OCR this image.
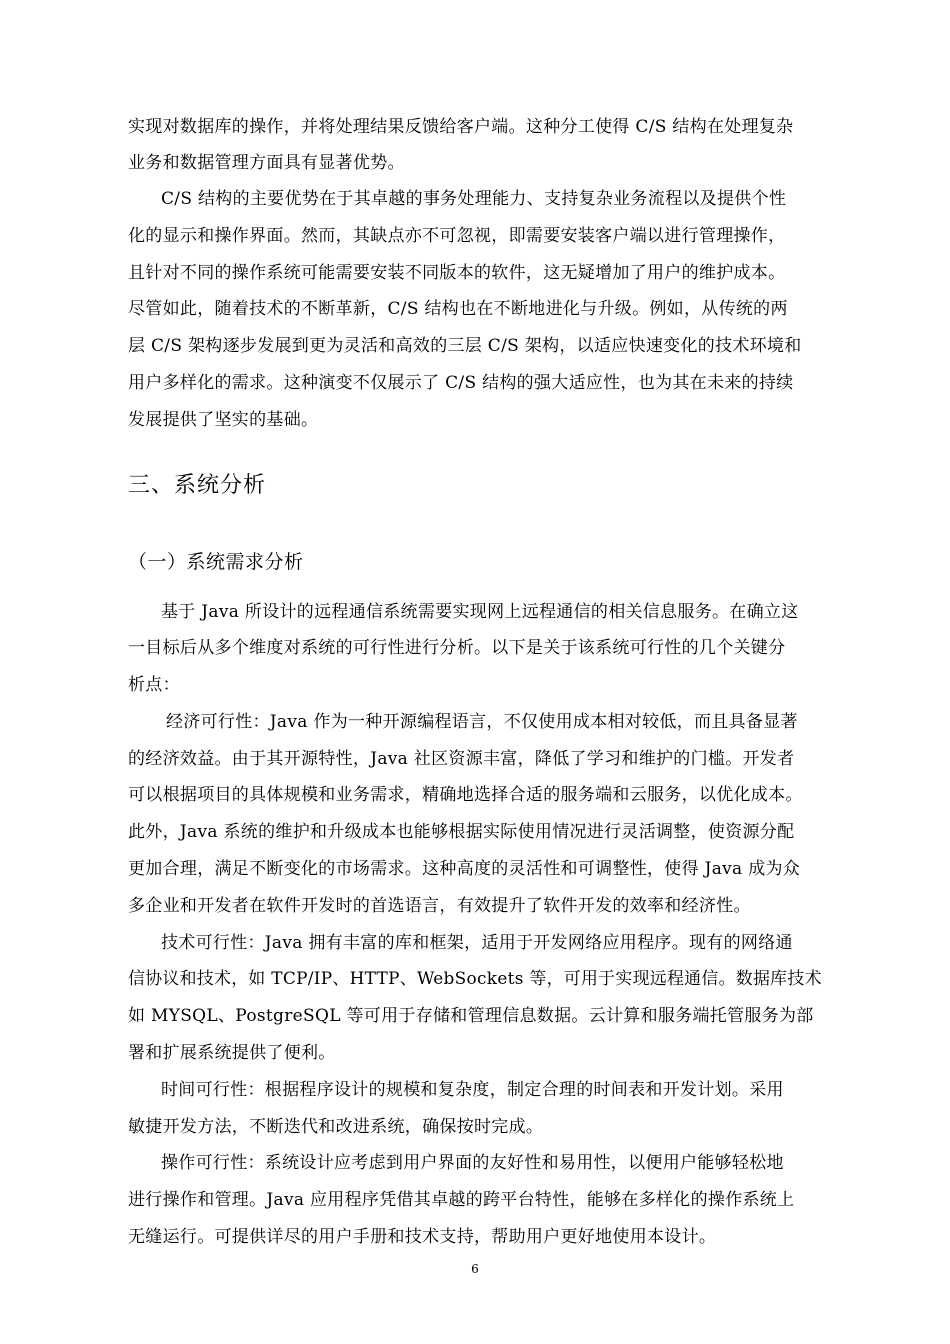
实现对数据库的操作，并将处理结果反馈给客户端。这种分工使得 C/S 结构在处理复杂
业务和数据管理方面具有显著优势。
C/S 结构的主要优势在于其卓越的事务处理能力、支持复杂业务流程以及提供个性
化的显示和操作界面。然而，其缺点亦不可忽视，即需要安装客户端以进行管理操作，
且针对不同的操作系统可能需要安装不同版本的软件，这无疑增加了用户的维护成本。
尽管如此，随着技术的不断革新，C/S 结构也在不断地进化与升级。例如，从传统的两
层 C/S 架构逐步发展到更为灵活和高效的三层 C/S 架构，以适应快速变化的技术环境和
用户多样化的需求。这种演变不仅展示了 C/S 结构的强大适应性，也为其在未来的持续
发展提供了坚实的基础。
三、系统分析
（一）系统需求分析
基于 Java 所设计的远程通信系统需要实现网上远程通信的相关信息服务。在确立这
一目标后从多个维度对系统的可行性进行分析。以下是关于该系统可行性的几个关键分
析点：
经济可行性：Java 作为一种开源编程语言，不仅使用成本相对较低，而且具备显著
的经济效益。由于其开源特性，Java 社区资源丰富，降低了学习和维护的门槛。开发者
可以根据项目的具体规模和业务需求，精确地选择合适的服务端和云服务，以优化成本。
此外，Java 系统的维护和升级成本也能够根据实际使用情况进行灵活调整，使资源分配
更加合理，满足不断变化的市场需求。这种高度的灵活性和可调整性，使得 Java 成为众
多企业和开发者在软件开发时的首选语言，有效提升了软件开发的效率和经济性。
技术可行性：Java 拥有丰富的库和框架，适用于开发网络应用程序。现有的网络通
信协议和技术，如 TCP/IP、HTTP、WebSockets 等，可用于实现远程通信。数据库技术
如 MYSQL、PostgreSQL 等可用于存储和管理信息数据。云计算和服务端托管服务为部
署和扩展系统提供了便利。
时间可行性：根据程序设计的规模和复杂度，制定合理的时间表和开发计划。采用
敏捷开发方法，不断迭代和改进系统，确保按时完成。
操作可行性：系统设计应考虑到用户界面的友好性和易用性，以便用户能够轻松地
进行操作和管理。Java 应用程序凭借其卓越的跨平台特性，能够在多样化的操作系统上
无缝运行。可提供详尽的用户手册和技术支持，帮助用户更好地使用本设计。
6
